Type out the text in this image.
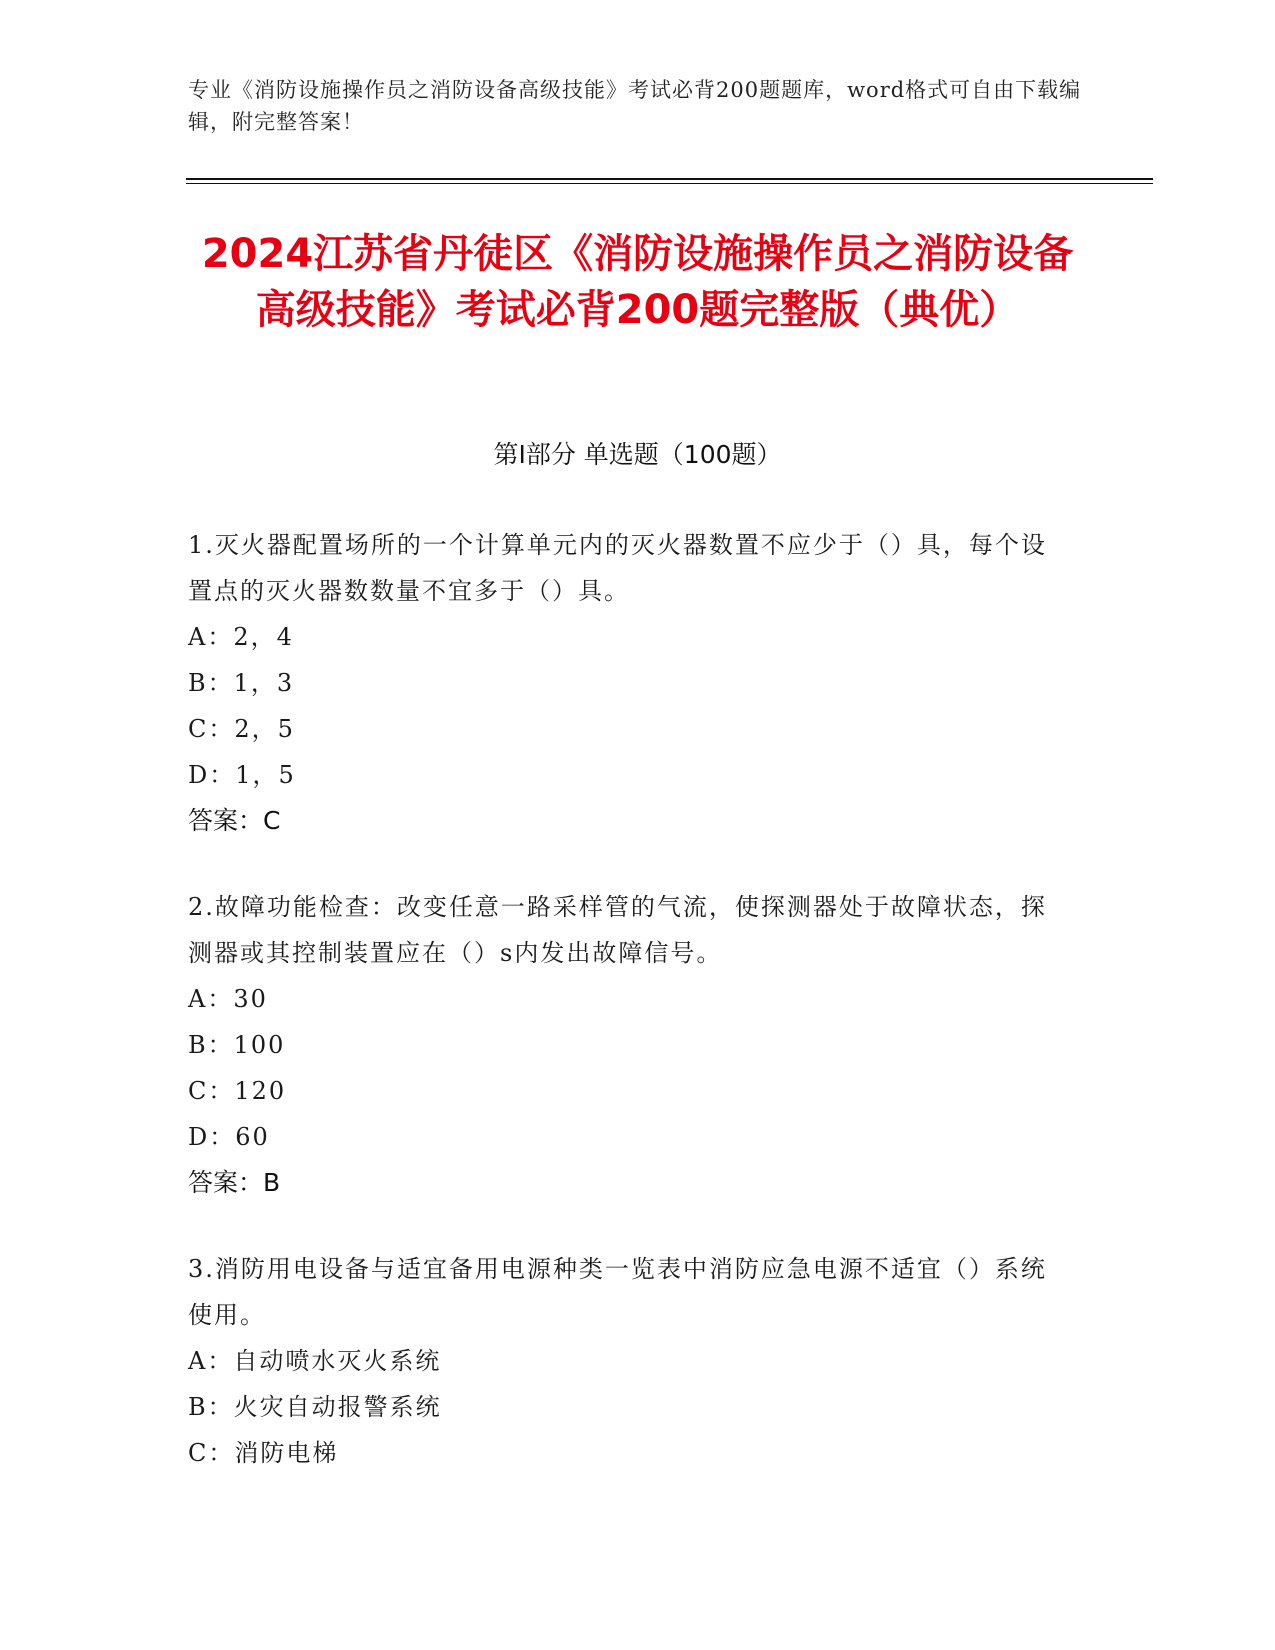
专业《消防设施操作员之消防设备高级技能》考试必背200题题库，word格式可自由下载编辑，附完整答案！
2024江苏省丹徒区《消防设施操作员之消防设备高级技能》考试必背200题完整版（典优）
第Ⅰ部分 单选题（100题）
1.灭火器配置场所的一个计算单元内的灭火器数置不应少于（）具，每个设置点的灭火器数数量不宜多于（）具。
A：2，4
B：1，3
C：2，5
D：1，5
答案：C
2.故障功能检查：改变任意一路采样管的气流，使探测器处于故障状态，探测器或其控制装置应在（）s内发出故障信号。
A：30
B：100
C：120
D：60
答案：B
3.消防用电设备与适宜备用电源种类一览表中消防应急电源不适宜（）系统使用。
A：自动喷水灭火系统
B：火灾自动报警系统
C：消防电梯
